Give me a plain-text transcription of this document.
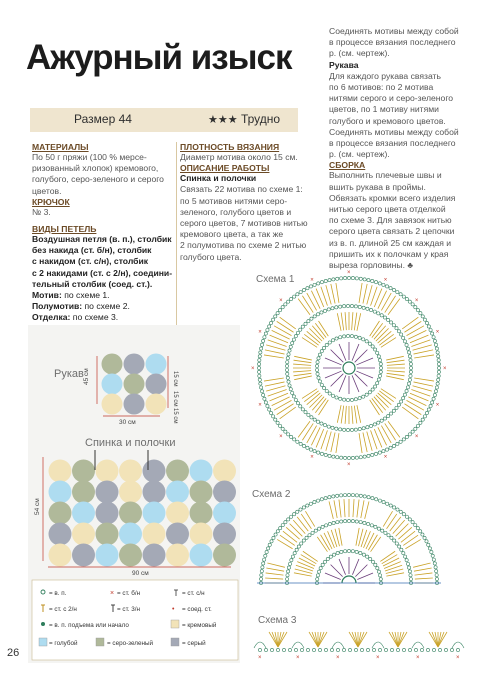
Ажурный изыск
Размер 44	★★★ Трудно
МАТЕРИАЛЫ
По 50 г пряжи (100 % мерсе-
ризованный хлопок) кремового,
голубого, серо-зеленого и серого
цветов.
КРЮЧОК
№ 3.
ВИДЫ ПЕТЕЛЬ
Воздушная петля (в. п.), столбик
без накида (ст. б/н), столбик
с накидом (ст. с/н), столбик
с 2 накидами (ст. с 2/н), соедини-
тельный столбик (соед. ст.).
Мотив: по схеме 1.
Полумотив: по схеме 2.
Отделка: по схеме 3.
ПЛОТНОСТЬ ВЯЗАНИЯ
Диаметр мотива около 15 см.
ОПИСАНИЕ РАБОТЫ
Спинка и полочки
Связать 22 мотива по схеме 1:
по 5 мотивов нитями серо-
зеленого, голубого цветов и
серого цветов, 7 мотивов нитью
кремового цвета, а так же
2 полумотива по схеме 2 нитью
голубого цвета.
Соединять мотивы между собой
в процессе вязания последнего
р. (см. чертеж).
Рукава
Для каждого рукава связать
по 6 мотивов: по 2 мотива
нитями серого и серо-зеленого
цветов, по 1 мотиву нитями
голубого и кремового цветов.
Соединять мотивы между собой
в процессе вязания последнего
р. (см. чертеж).
СБОРКА
Выполнить плечевые швы и
вшить рукава в проймы.
Обвязать кромки всего изделия
нитью серого цвета отделкой
по схеме 3. Для завязок нитью
серого цвета связать 2 цепочки
из в. п. длиной 25 см каждая и
пришить их к полочкам у края
выреза горловины. ♣
Рукав 45 см	15 см
15 см
15 см
30 см
Спинка и полочки
54 см
90 см
= в. п.	× = ст. б/н	= ст. с/н
= ст. с 2/н	= ст. 3/н	• = соед. ст.
= в. п. подъема или начало	= кремовый
= голубой	= серо-зеленый	= серый
Схема 1
×
×
×
×
×
×
×
×
×
×
×
×
×
×
×
×
Схема 2
Схема 3
×	×	×	×	×	×
26
